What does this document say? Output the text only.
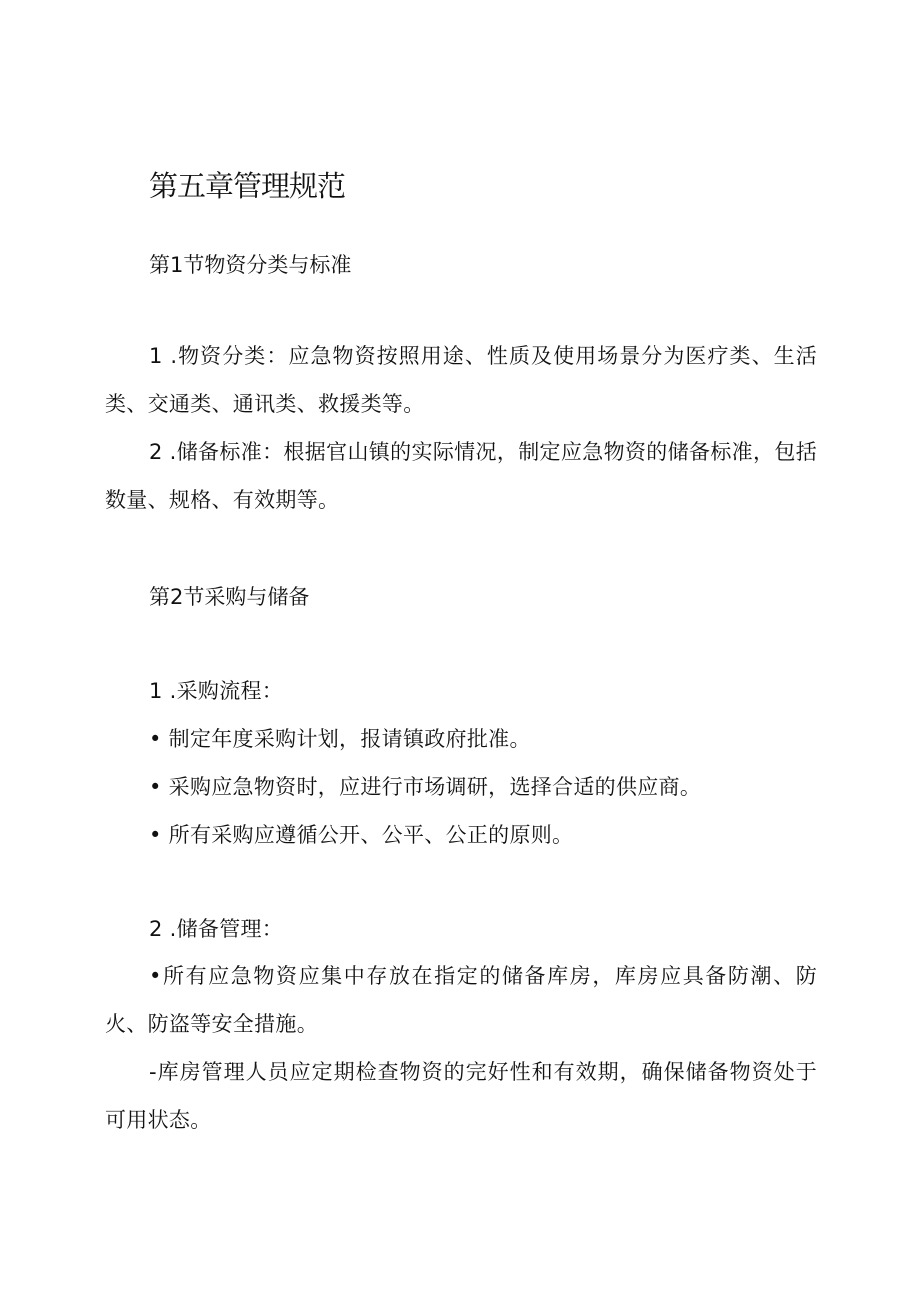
第五章管理规范
第1节物资分类与标准
1 .物资分类：应急物资按照用途、性质及使用场景分为医疗类、生活类、交通类、通讯类、救援类等。
2 .储备标准：根据官山镇的实际情况，制定应急物资的储备标准，包括数量、规格、有效期等。
第2节采购与储备
1 .采购流程：
• 制定年度采购计划，报请镇政府批准。
• 采购应急物资时，应进行市场调研，选择合适的供应商。
• 所有采购应遵循公开、公平、公正的原则。
2 .储备管理：
•所有应急物资应集中存放在指定的储备库房，库房应具备防潮、防火、防盗等安全措施。
-库房管理人员应定期检查物资的完好性和有效期，确保储备物资处于可用状态。
